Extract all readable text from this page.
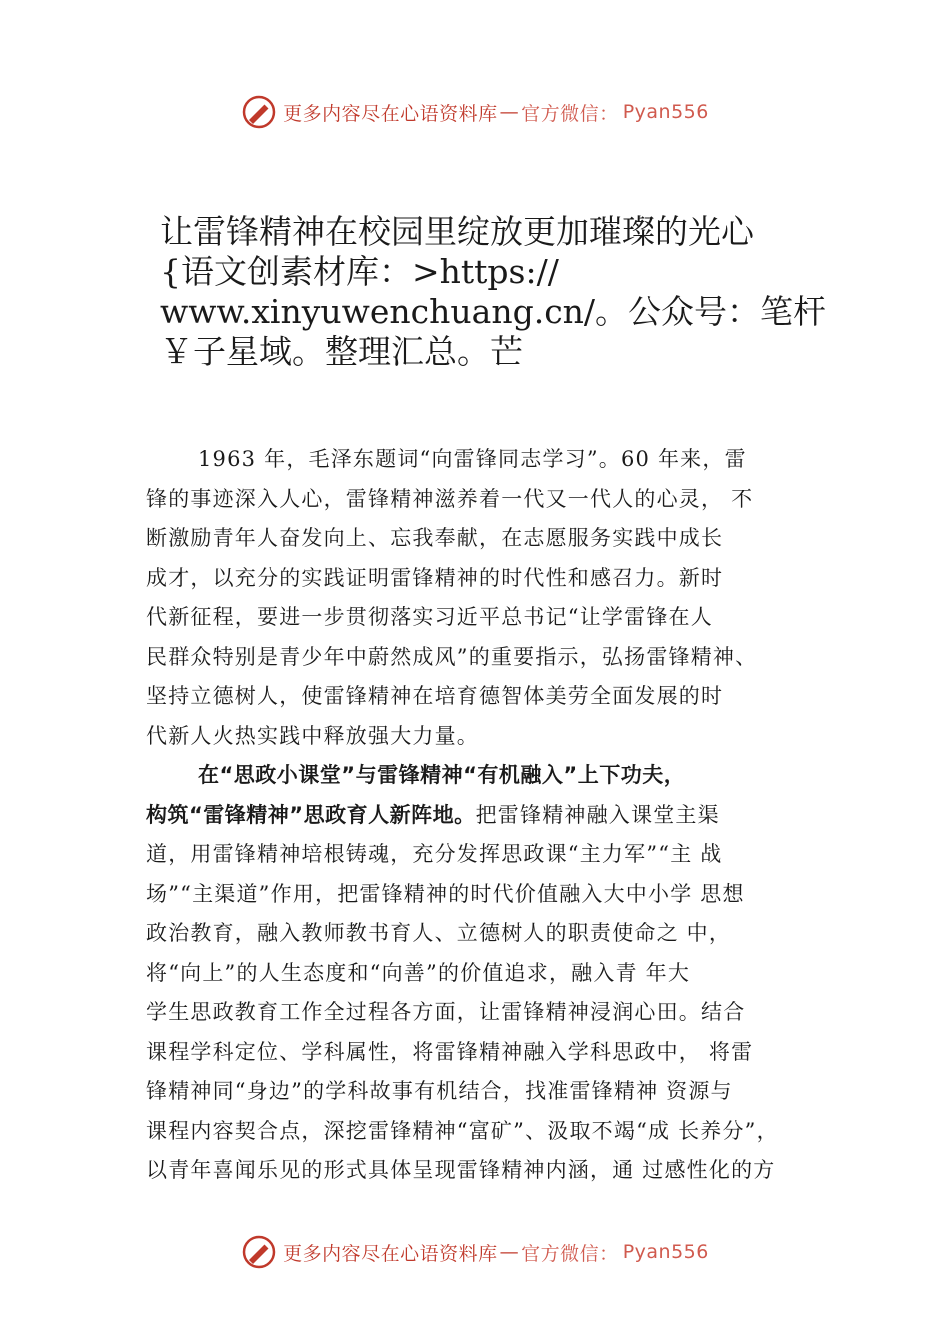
更多内容尽在心语资料库 — 官方微信： Pyan556
让雷锋精神在校园里绽放更加璀璨的光心
{语文创素材库：>https://
www.xinyuwenchuang.cn/。公众号：笔杆
￥子星域。整理汇总。芒
1963 年，毛泽东题词“向雷锋同志学习”。60 年来，雷
锋的事迹深入人心，雷锋精神滋养着一代又一代人的心灵， 不
断激励青年人奋发向上、忘我奉献，在志愿服务实践中成长
成才，以充分的实践证明雷锋精神的时代性和感召力。新时
代新征程，要进一步贯彻落实习近平总书记“让学雷锋在人
民群众特别是青少年中蔚然成风”的重要指示，弘扬雷锋精神、
坚持立德树人，使雷锋精神在培育德智体美劳全面发展的时
代新人火热实践中释放强大力量。
在“思政小课堂”与雷锋精神“有机融入”上下功夫，
构筑“雷锋精神”思政育人新阵地。把雷锋精神融入课堂主渠
道，用雷锋精神培根铸魂，充分发挥思政课“主力军”“主 战
场”“主渠道”作用，把雷锋精神的时代价值融入大中小学 思想
政治教育，融入教师教书育人、立德树人的职责使命之 中，
将“向上”的人生态度和“向善”的价值追求，融入青 年大
学生思政教育工作全过程各方面，让雷锋精神浸润心田。结合
课程学科定位、学科属性，将雷锋精神融入学科思政中， 将雷
锋精神同“身边”的学科故事有机结合，找准雷锋精神 资源与
课程内容契合点，深挖雷锋精神“富矿”、汲取不竭“成 长养分”，
以青年喜闻乐见的形式具体呈现雷锋精神内涵，通 过感性化的方
更多内容尽在心语资料库 — 官方微信： Pyan556
